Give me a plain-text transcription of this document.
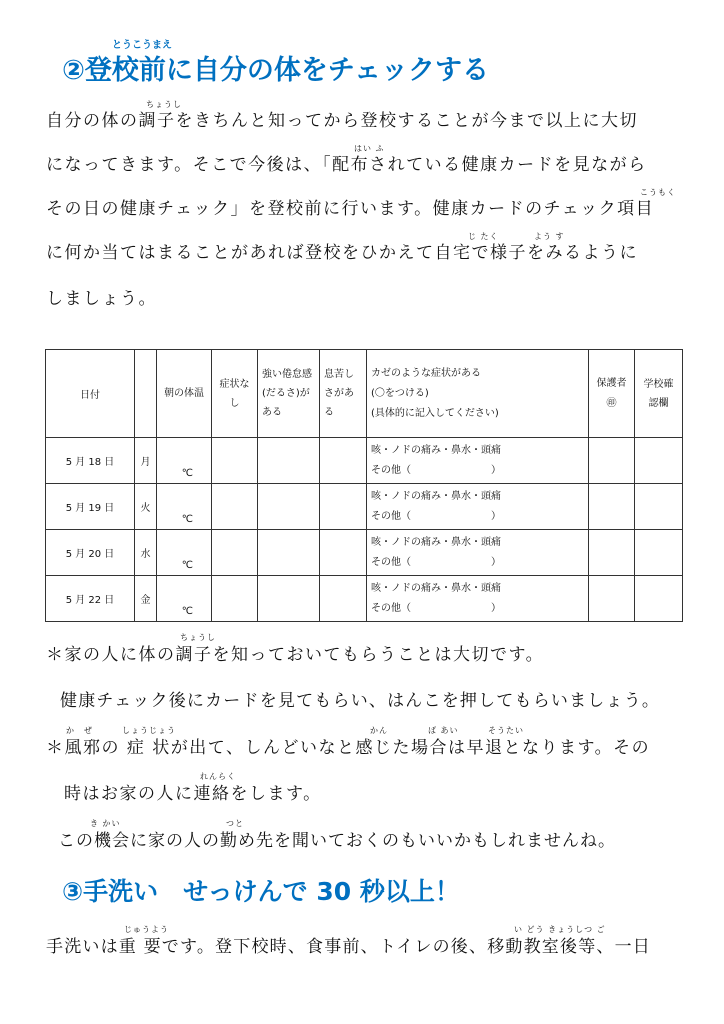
とうこうまえ
②登校前に自分の体をチェックする
ちょうし
自分の体の調子をきちんと知ってから登校することが今まで以上に大切
はい ふ
になってきます。そこで今後は、「配布されている健康カードを見ながら
こうもく
その日の健康チェック」を登校前に行います。健康カードのチェック項目
じ たく	よう す
に何か当てはまることがあれば登校をひかえて自宅で様子をみるように
しましょう。
日付		朝の体温	症状なし	強い倦怠感(だるさ)がある	息苦しさがある	カゼのような症状がある
(〇をつける)
(具体的に記入してください)	保護者
㊞	学校確認欄
5 月 18 日	月	℃				咳・ノドの痛み・鼻水・頭痛
その他（　　　　　　　　）		

5 月 19 日	火	℃				咳・ノドの痛み・鼻水・頭痛
その他（　　　　　　　　）		

5 月 20 日	水	℃				咳・ノドの痛み・鼻水・頭痛
その他（　　　　　　　　）		

5 月 22 日	金	℃				咳・ノドの痛み・鼻水・頭痛
その他（　　　　　　　　）		

ちょうし
＊家の人に体の調子を知っておいてもらうことは大切です。
健康チェック後にカードを見てもらい、はんこを押してもらいましょう。
か　ぜ	しょうじょう	かん	ば あい	そうたい
＊風邪の 症 状が出て、しんどいなと感じた場合は早退となります。その
れんらく
時はお家の人に連絡をします。
き かい	つと
この機会に家の人の勤め先を聞いておくのもいいかもしれませんね。
③手洗い　せっけんで 30 秒以上！
じゅうよう	い どう きょうしつ ご
手洗いは重 要です。登下校時、食事前、トイレの後、移動教室後等、一日
